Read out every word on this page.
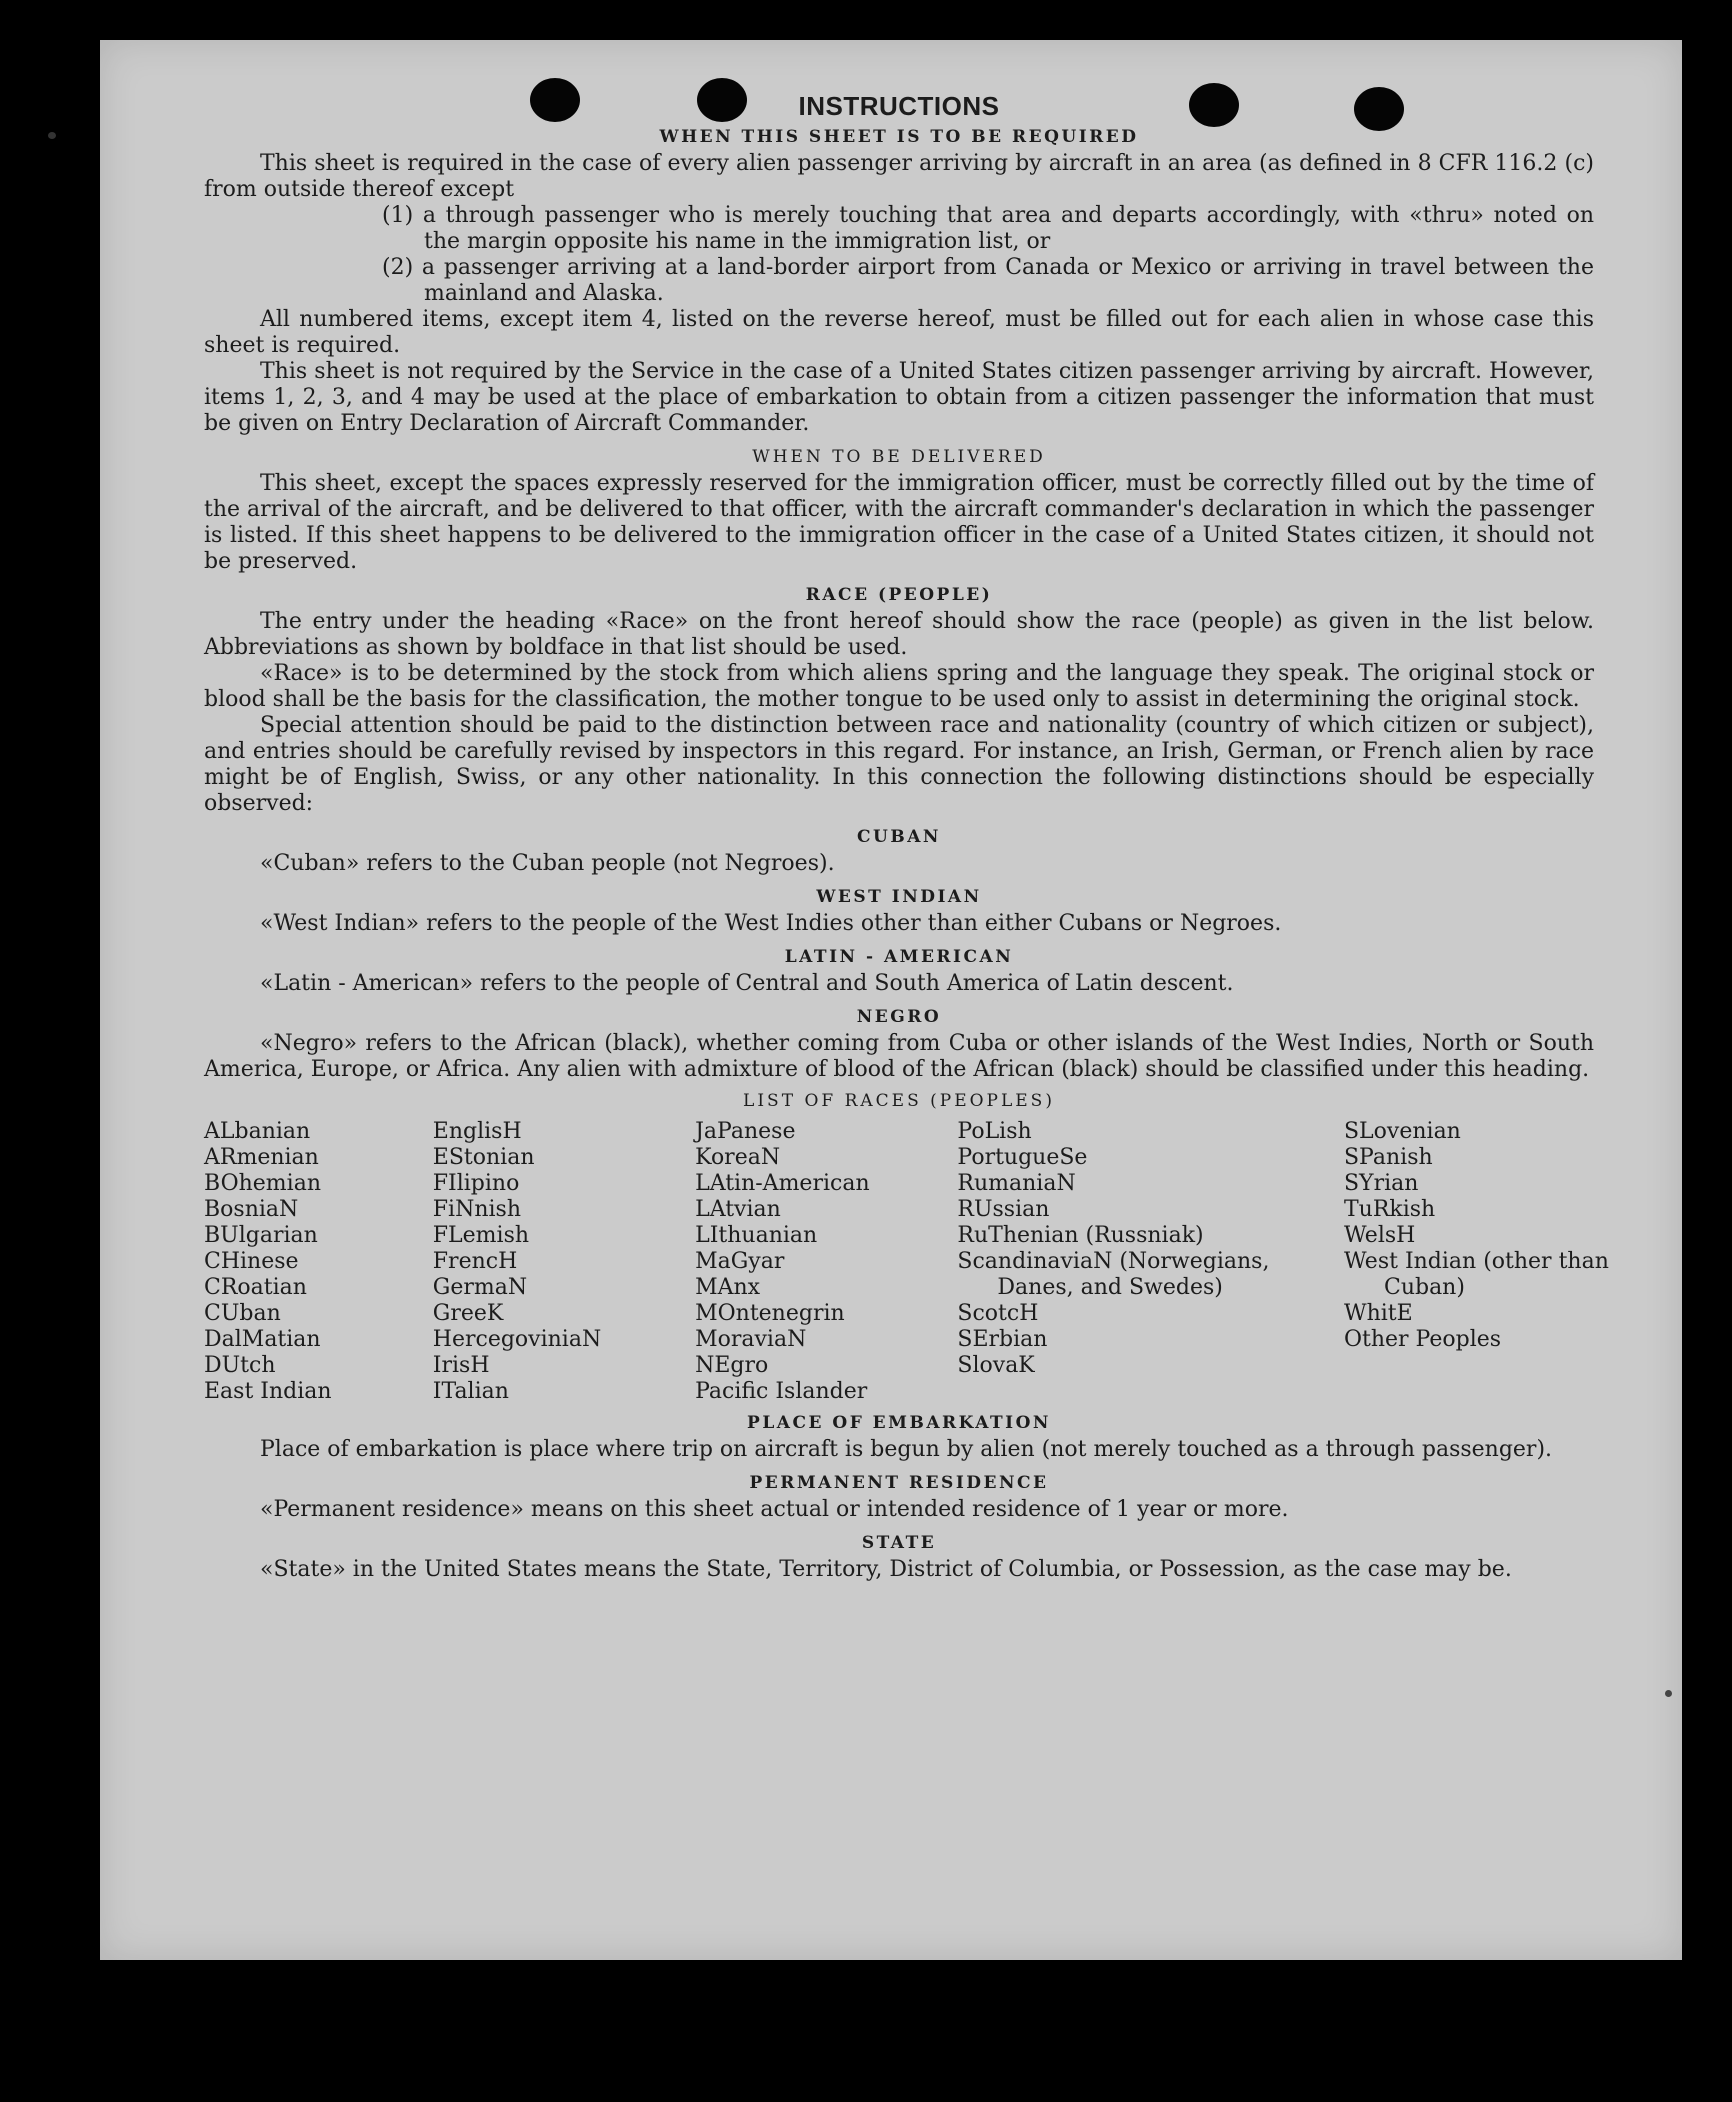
INSTRUCTIONS
WHEN THIS SHEET IS TO BE REQUIRED

This sheet is required in the case of every alien passenger arriving by aircraft in an area (as defined in 8 CFR 116.2 (c) from outside thereof except

(1) a through passenger who is merely touching that area and departs accordingly, with «thru» noted on the margin opposite his name in the immigration list, or

(2) a passenger arriving at a land-border airport from Canada or Mexico or arriving in travel between the mainland and Alaska.

All numbered items, except item 4, listed on the reverse hereof, must be filled out for each alien in whose case this sheet is required.

This sheet is not required by the Service in the case of a United States citizen passenger arriving by aircraft. However, items 1, 2, 3, and 4 may be used at the place of embarkation to obtain from a citizen passenger the information that must be given on Entry Declaration of Aircraft Commander.

WHEN TO BE DELIVERED

This sheet, except the spaces expressly reserved for the immigration officer, must be correctly filled out by the time of the arrival of the aircraft, and be delivered to that officer, with the aircraft commander's declaration in which the passenger is listed. If this sheet happens to be delivered to the immigration officer in the case of a United States citizen, it should not be preserved.

RACE (PEOPLE)

The entry under the heading «Race» on the front hereof should show the race (people) as given in the list below. Abbreviations as shown by boldface in that list should be used.

«Race» is to be determined by the stock from which aliens spring and the language they speak. The original stock or blood shall be the basis for the classification, the mother tongue to be used only to assist in determining the original stock.

Special attention should be paid to the distinction between race and nationality (country of which citizen or subject), and entries should be carefully revised by inspectors in this regard. For instance, an Irish, German, or French alien by race might be of English, Swiss, or any other nationality. In this connection the following distinctions should be especially observed:

CUBAN

«Cuban» refers to the Cuban people (not Negroes).

WEST INDIAN

«West Indian» refers to the people of the West Indies other than either Cubans or Negroes.

LATIN - AMERICAN

«Latin - American» refers to the people of Central and South America of Latin descent.

NEGRO

«Negro» refers to the African (black), whether coming from Cuba or other islands of the West Indies, North or South America, Europe, or Africa. Any alien with admixture of blood of the African (black) should be classified under this heading.

LIST OF RACES (PEOPLES)
ALbanian
ARmenian
BOhemian
BosniaN
BUlgarian
CHinese
CRoatian
CUban
DalMatian
DUtch
East Indian
EnglisH
EStonian
FIlipino
FiNnish
FLemish
FrencH
GermaN
GreeK
HercegoviniaN
IrisH
ITalian
JaPanese
KoreaN
LAtin-American
LAtvian
LIthuanian
MaGyar
MAnx
MOntenegrin
MoraviaN
NEgro
Pacific Islander
PoLish
PortugueSe
RumaniaN
RUssian
RuThenian (Russniak)
ScandinaviaN (Norwegians, Danes, and Swedes)
ScotcH
SErbian
SlovaK
SLovenian
SPanish
SYrian
TuRkish
WelsH
West Indian (other than Cuban)
WhitE
Other Peoples
PLACE OF EMBARKATION

Place of embarkation is place where trip on aircraft is begun by alien (not merely touched as a through passenger).

PERMANENT RESIDENCE

«Permanent residence» means on this sheet actual or intended residence of 1 year or more.

STATE

«State» in the United States means the State, Territory, District of Columbia, or Possession, as the case may be.
